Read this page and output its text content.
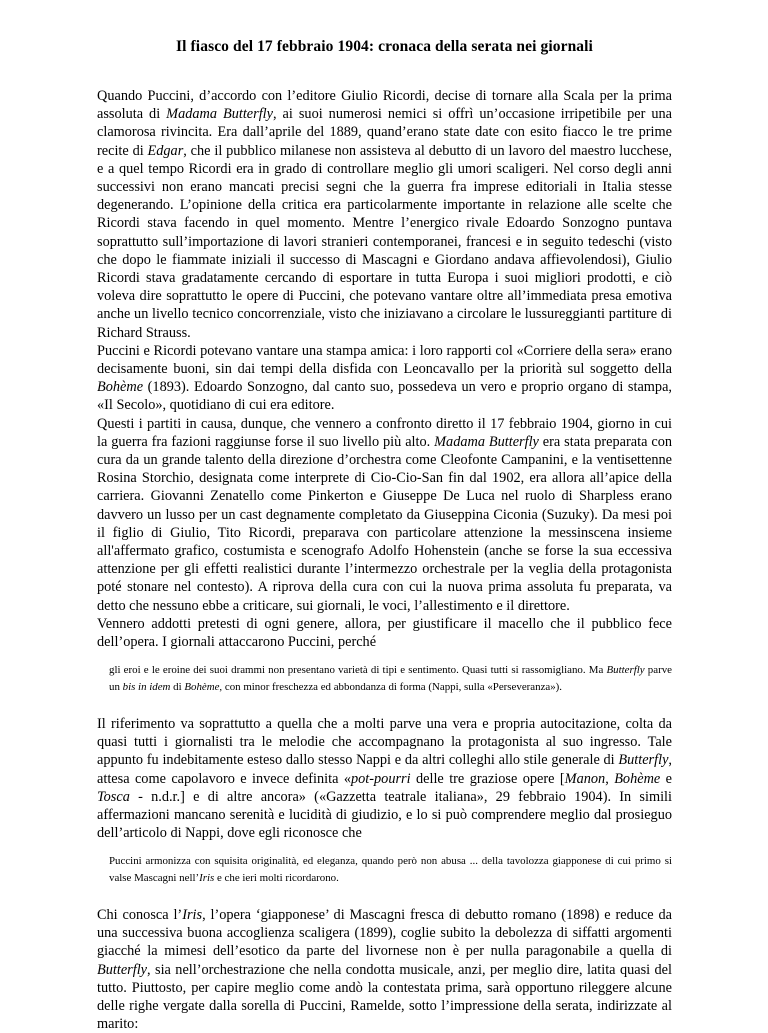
Il fiasco del 17 febbraio 1904: cronaca della serata nei giornali

Quando Puccini, d’accordo con l’editore Giulio Ricordi, decise di tornare alla Scala per la prima assoluta di Madama Butterfly, ai suoi numerosi nemici si offrì un’occasione irripetibile per una clamorosa rivincita. Era dall’aprile del 1889, quand’erano state date con esito fiacco le tre prime recite di Edgar, che il pubblico milanese non assisteva al debutto di un lavoro del maestro lucchese, e a quel tempo Ricordi era in grado di controllare meglio gli umori scaligeri. Nel corso degli anni successivi non erano mancati precisi segni che la guerra fra imprese editoriali in Italia stesse degenerando. L’opinione della critica era particolarmente importante in relazione alle scelte che Ricordi stava facendo in quel momento. Mentre l’energico rivale Edoardo Sonzogno puntava soprattutto sull’importazione di lavori stranieri contemporanei, francesi e in seguito tedeschi (visto che dopo le fiammate iniziali il successo di Mascagni e Giordano andava affievolendosi), Giulio Ricordi stava gradatamente cercando di esportare in tutta Europa i suoi migliori prodotti, e ciò voleva dire soprattutto le opere di Puccini, che potevano vantare oltre all’immediata presa emotiva anche un livello tecnico concorrenziale, visto che iniziavano a circolare le lussureggianti partiture di Richard Strauss.

Puccini e Ricordi potevano vantare una stampa amica: i loro rapporti col «Corriere della sera» erano decisamente buoni, sin dai tempi della disfida con Leoncavallo per la priorità sul soggetto della Bohème (1893). Edoardo Sonzogno, dal canto suo, possedeva un vero e proprio organo di stampa, «Il Secolo», quotidiano di cui era editore.

Questi i partiti in causa, dunque, che vennero a confronto diretto il 17 febbraio 1904, giorno in cui la guerra fra fazioni raggiunse forse il suo livello più alto. Madama Butterfly era stata preparata con cura da un grande talento della direzione d’orchestra come Cleofonte Campanini, e la ventisettenne Rosina Storchio, designata come interprete di Cio-Cio-San fin dal 1902, era allora all’apice della carriera. Giovanni Zenatello come Pinkerton e Giuseppe De Luca nel ruolo di Sharpless erano davvero un lusso per un cast degnamente completato da Giuseppina Ciconia (Suzuky). Da mesi poi il figlio di Giulio, Tito Ricordi, preparava con particolare attenzione la messinscena insieme all'affermato grafico, costumista e scenografo Adolfo Hohenstein (anche se forse la sua eccessiva attenzione per gli effetti realistici durante l’intermezzo orchestrale per la veglia della protagonista poté stonare nel contesto). A riprova della cura con cui la nuova prima assoluta fu preparata, va detto che nessuno ebbe a criticare, sui giornali, le voci, l’allestimento e il direttore.

Vennero addotti pretesti di ogni genere, allora, per giustificare il macello che il pubblico fece dell’opera. I giornali attaccarono Puccini, perché

gli eroi e le eroine dei suoi drammi non presentano varietà di tipi e sentimento. Quasi tutti si rassomigliano. Ma Butterfly parve un bis in idem di Bohème, con minor freschezza ed abbondanza di forma (Nappi, sulla «Perseveranza»).

Il riferimento va soprattutto a quella che a molti parve una vera e propria autocitazione, colta da quasi tutti i giornalisti tra le melodie che accompagnano la protagonista al suo ingresso. Tale appunto fu indebitamente esteso dallo stesso Nappi e da altri colleghi allo stile generale di Butterfly, attesa come capolavoro e invece definita «pot-pourri delle tre graziose opere [Manon, Bohème e Tosca - n.d.r.] e di altre ancora» («Gazzetta teatrale italiana», 29 febbraio 1904). In simili affermazioni mancano serenità e lucidità di giudizio, e lo si può comprendere meglio dal prosieguo dell’articolo di Nappi, dove egli riconosce che

Puccini armonizza con squisita originalità, ed eleganza, quando però non abusa ... della tavolozza giapponese di cui primo si valse Mascagni nell’Iris e che ieri molti ricordarono.

Chi conosca l’Iris, l’opera ‘giapponese’ di Mascagni fresca di debutto romano (1898) e reduce da una successiva buona accoglienza scaligera (1899), coglie subito la debolezza di siffatti argomenti giacché la mimesi dell’esotico da parte del livornese non è per nulla paragonabile a quella di Butterfly, sia nell’orchestrazione che nella condotta musicale, anzi, per meglio dire, latita quasi del tutto. Piuttosto, per capire meglio come andò la contestata prima, sarà opportuno rileggere alcune delle righe vergate dalla sorella di Puccini, Ramelde, sotto l’impressione della serata, indirizzate al marito:
